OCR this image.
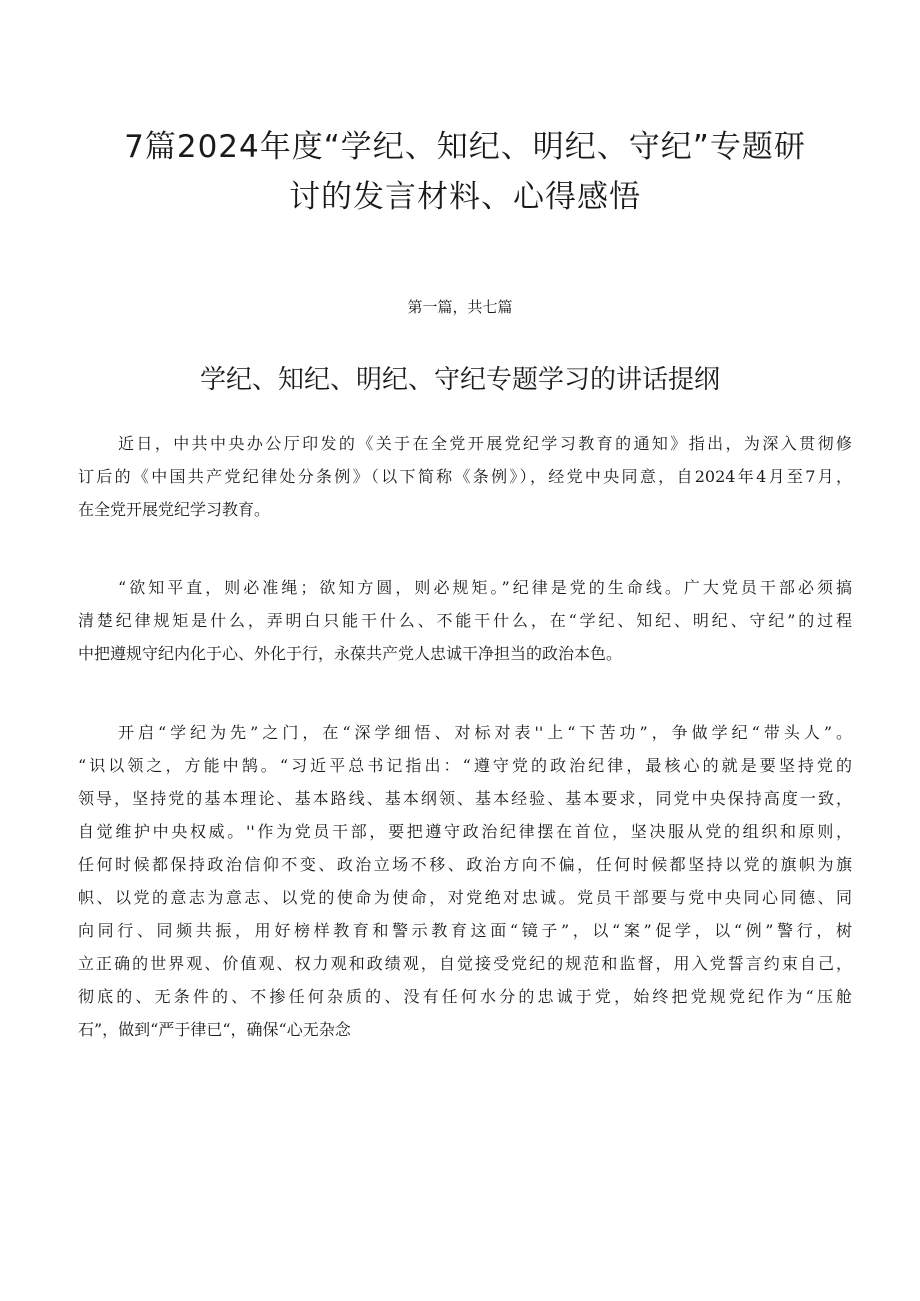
7篇2024年度“学纪、知纪、明纪、守纪”专题研
讨的发言材料、心得感悟
第一篇，共七篇
学纪、知纪、明纪、守纪专题学习的讲话提纲
近日，中共中央办公厅印发的《关于在全党开展党纪学习教育的通知》指出，为深入贯彻修
订后的《中国共产党纪律处分条例》（以下简称《条例》），经党中央同意，自2024年4月至7月，
在全党开展党纪学习教育。
“欲知平直，则必准绳；欲知方圆，则必规矩。”纪律是党的生命线。广大党员干部必须搞
清楚纪律规矩是什么，弄明白只能干什么、不能干什么，在“学纪、知纪、明纪、守纪”的过程
中把遵规守纪内化于心、外化于行，永葆共产党人忠诚干净担当的政治本色。
开启“学纪为先”之门，在“深学细悟、对标对表''上“下苦功”，争做学纪“带头人”。
“识以领之，方能中鹄。“习近平总书记指出：“遵守党的政治纪律，最核心的就是要坚持党的
领导，坚持党的基本理论、基本路线、基本纲领、基本经验、基本要求，同党中央保持高度一致，
自觉维护中央权威。''作为党员干部，要把遵守政治纪律摆在首位，坚决服从党的组织和原则，
任何时候都保持政治信仰不变、政治立场不移、政治方向不偏，任何时候都坚持以党的旗帜为旗
帜、以党的意志为意志、以党的使命为使命，对党绝对忠诚。党员干部要与党中央同心同德、同
向同行、同频共振，用好榜样教育和警示教育这面“镜子”，以“案”促学，以“例”警行，树
立正确的世界观、价值观、权力观和政绩观，自觉接受党纪的规范和监督，用入党誓言约束自己，
彻底的、无条件的、不掺任何杂质的、没有任何水分的忠诚于党，始终把党规党纪作为“压舱
石”，做到“严于律已“，确保“心无杂念
